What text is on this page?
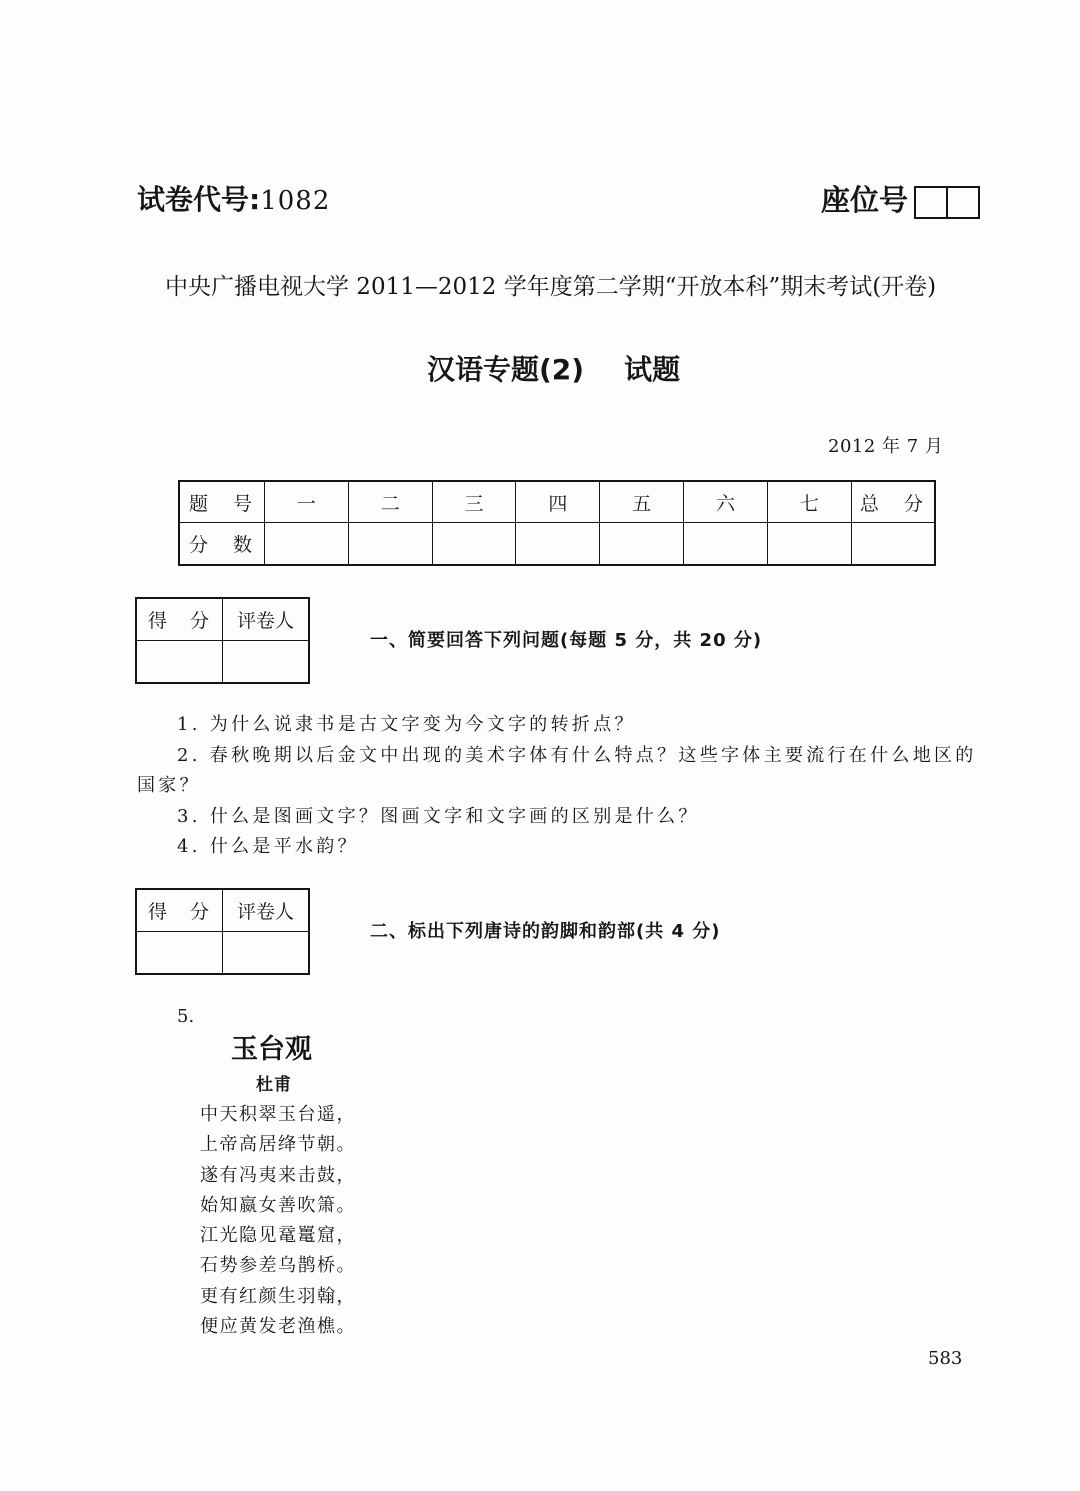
试卷代号:1082	座位号
中央广播电视大学 2011—2012 学年度第二学期“开放本科”期末考试(开卷)
汉语专题(2) 试题
2012 年 7 月
题　号	一	二	三	四	五	六	七	总　分
分　数								
得　分	评卷人

一、简要回答下列问题(每题 5 分，共 20 分)
1. 为什么说隶书是古文字变为今文字的转折点？
2. 春秋晚期以后金文中出现的美术字体有什么特点？这些字体主要流行在什么地区的
国家？
3. 什么是图画文字？图画文字和文字画的区别是什么？
4. 什么是平水韵？
得　分	评卷人

二、标出下列唐诗的韵脚和韵部(共 4 分)
5.
玉台观
杜甫
中天积翠玉台遥，
上帝高居绛节朝。
遂有冯夷来击鼓，
始知嬴女善吹箫。
江光隐见鼋鼍窟，
石势参差乌鹊桥。
更有红颜生羽翰，
便应黄发老渔樵。
583
